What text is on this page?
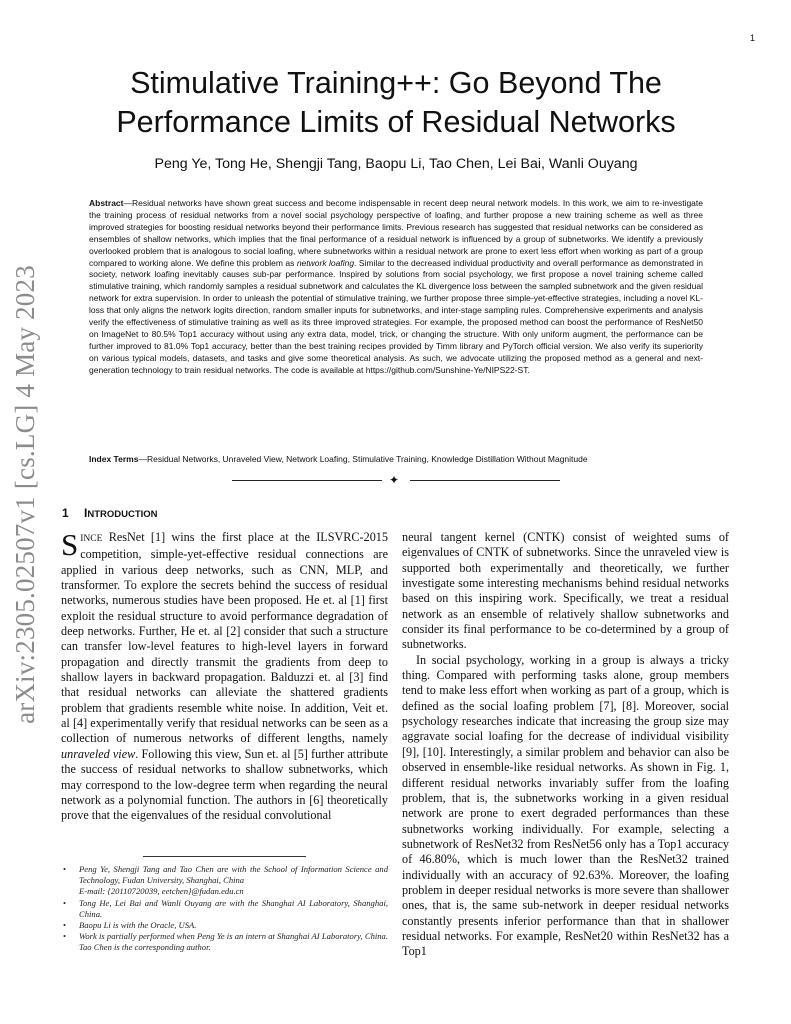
1
arXiv:2305.02507v1 [cs.LG] 4 May 2023
Stimulative Training++: Go Beyond The Performance Limits of Residual Networks
Peng Ye, Tong He, Shengji Tang, Baopu Li, Tao Chen, Lei Bai, Wanli Ouyang

Abstract—Residual networks have shown great success and become indispensable in recent deep neural network models. In this work, we aim to re-investigate the training process of residual networks from a novel social psychology perspective of loafing, and further propose a new training scheme as well as three improved strategies for boosting residual networks beyond their performance limits. Previous research has suggested that residual networks can be considered as ensembles of shallow networks, which implies that the final performance of a residual network is influenced by a group of subnetworks. We identify a previously overlooked problem that is analogous to social loafing, where subnetworks within a residual network are prone to exert less effort when working as part of a group compared to working alone. We define this problem as network loafing. Similar to the decreased individual productivity and overall performance as demonstrated in society, network loafing inevitably causes sub-par performance. Inspired by solutions from social psychology, we first propose a novel training scheme called stimulative training, which randomly samples a residual subnetwork and calculates the KL divergence loss between the sampled subnetwork and the given residual network for extra supervision. In order to unleash the potential of stimulative training, we further propose three simple-yet-effective strategies, including a novel KL- loss that only aligns the network logits direction, random smaller inputs for subnetworks, and inter-stage sampling rules. Comprehensive experiments and analysis verify the effectiveness of stimulative training as well as its three improved strategies. For example, the proposed method can boost the performance of ResNet50 on ImageNet to 80.5% Top1 accuracy without using any extra data, model, trick, or changing the structure. With only uniform augment, the performance can be further improved to 81.0% Top1 accuracy, better than the best training recipes provided by Timm library and PyTorch official version. We also verify its superiority on various typical models, datasets, and tasks and give some theoretical analysis. As such, we advocate utilizing the proposed method as a general and next-generation technology to train residual networks. The code is available at https://github.com/Sunshine-Ye/NIPS22-ST.

Index Terms—Residual Networks, Unraveled View, Network Loafing, Stimulative Training, Knowledge Distillation Without Magnitude

✦
1 INTRODUCTION

SINCE ResNet [1] wins the first place at the ILSVRC-2015 competition, simple-yet-effective residual connections are applied in various deep networks, such as CNN, MLP, and transformer. To explore the secrets behind the success of residual networks, numerous studies have been proposed. He et. al [1] first exploit the residual structure to avoid performance degradation of deep networks. Further, He et. al [2] consider that such a structure can transfer low-level features to high-level layers in forward propagation and directly transmit the gradients from deep to shallow layers in backward propagation. Balduzzi et. al [3] find that residual networks can alleviate the shattered gradients problem that gradients resemble white noise. In addition, Veit et. al [4] experimentally verify that residual networks can be seen as a collection of numerous networks of different lengths, namely unraveled view. Following this view, Sun et. al [5] further attribute the success of residual networks to shallow subnetworks, which may correspond to the low-degree term when regarding the neural network as a polynomial function. The authors in [6] theoretically prove that the eigenvalues of the residual convolutional

neural tangent kernel (CNTK) consist of weighted sums of eigenvalues of CNTK of subnetworks. Since the unraveled view is supported both experimentally and theoretically, we further investigate some interesting mechanisms behind residual networks based on this inspiring work. Specifically, we treat a residual network as an ensemble of relatively shallow subnetworks and consider its final performance to be co-determined by a group of subnetworks.

In social psychology, working in a group is always a tricky thing. Compared with performing tasks alone, group members tend to make less effort when working as part of a group, which is defined as the social loafing problem [7], [8]. Moreover, social psychology researches indicate that increasing the group size may aggravate social loafing for the decrease of individual visibility [9], [10]. Interestingly, a similar problem and behavior can also be observed in ensemble-like residual networks. As shown in Fig. 1, different residual networks invariably suffer from the loafing problem, that is, the subnetworks working in a given residual network are prone to exert degraded performances than these subnetworks working individually. For example, selecting a subnetwork of ResNet32 from ResNet56 only has a Top1 accuracy of 46.80%, which is much lower than the ResNet32 trained individually with an accuracy of 92.63%. Moreover, the loafing problem in deeper residual networks is more severe than shallower ones, that is, the same sub-network in deeper residual networks constantly presents inferior performance than that in shallower residual networks. For example, ResNet20 within ResNet32 has a Top1

• Peng Ye, Shengji Tang and Tao Chen are with the School of Information Science and Technology, Fudan University, Shanghai, China
E-mail: {20110720039, eetchen}@fudan.edu.cn
• Tong He, Lei Bai and Wanli Ouyang are with the Shanghai AI Laboratory, Shanghai, China.
• Baopu Li is with the Oracle, USA.
• Work is partially performed when Peng Ye is an intern at Shanghai AI Laboratory, China. Tao Chen is the corresponding author.
